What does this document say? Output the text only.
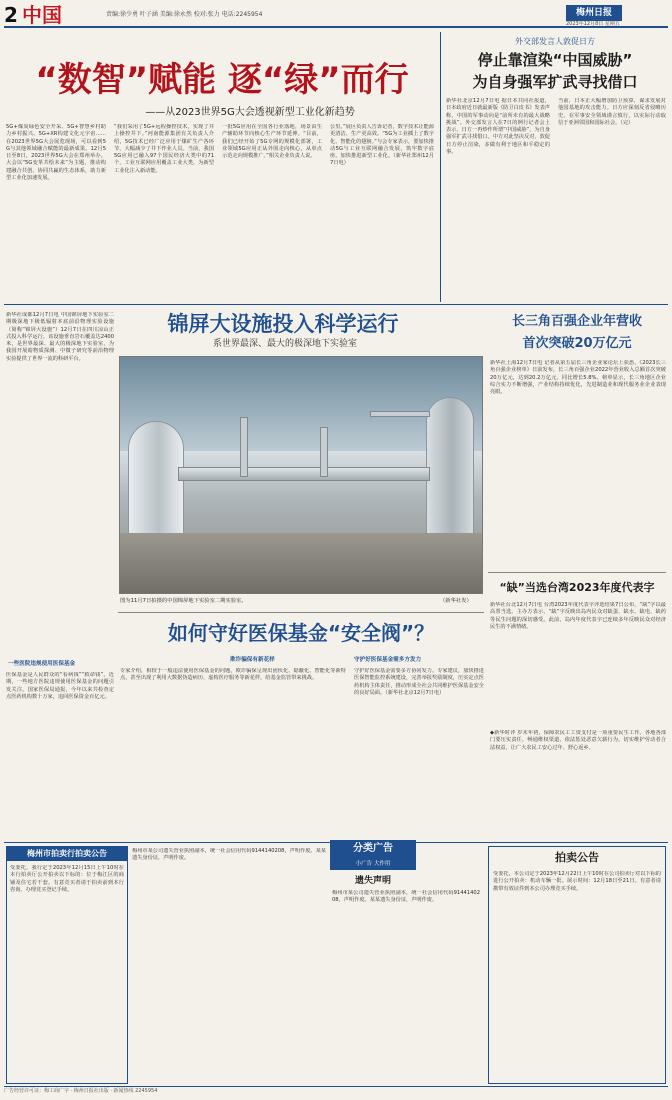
2 中国	责编:徐少勇 叶子涵 美编:徐永然 校对:张力 电话:2245954	梅州日报
2023年12月8日 星期五
“数智”赋能 逐“绿”而行
——从2023世界5G大会透视新型工业化新趋势
5G+煤炭绿色安全开采、5G+智慧乡村助力乡村振兴、5G+XR构建文化元宇宙……在2023世界5G大会展览现场，可以看到5G与其他领域融合赋能的最新成果。12月5日至8日，2023世界5G大会在郑州举办。大会以“5G变革共绘未来”为主题，推动构建融合共创、协同共赢的生态体系，助力新型工业化加速发展。
“我们采用了5G+远程操控技术，实现了井上操控井下。”河南能源集团有关负责人介绍，5G技术已经广泛应用于煤矿生产各环节，大幅减少了井下作业人员。当前，我国5G应用已融入97个国民经济大类中的71个，工业互联网应用覆盖工业大类，为新型工业化注入新动能。
一批5G应用在全国各行业落地，场景由生产辅助环节向核心生产环节延伸。“目前，我们已经开始了5G专网的规模化部署，工业领域5G应用正从外围走向核心，从单点示范走向规模推广。”相关企业负责人说。
公里。”展区负责人告诉记者，数字技术让能源更清洁、生产更高效。“5G为工业插上了数字化、智能化的翅膀。”与会专家表示，要加快推动5G与工业互联网融合发展，筑牢数字底座，加快推进新型工业化。（新华社郑州12月7日电）
外交部发言人敦促日方
停止靠渲染“中国威胁”
为自身强军扩武寻找借口
新华社北京12月7日电 据日本共同社报道，日本政府近日就最新版《防卫白皮书》发表声称，中国的军事动向是“前所未有的最大战略挑战”。外交部发言人在7日的例行记者会上表示，日方一再炒作所谓“中国威胁”，为自身强军扩武寻找借口。中方对此坚决反对，敦促日方停止渲染，多做有利于地区和平稳定的事。
当前，日本正大幅增加防卫预算，谋求发展对他国基地的攻击能力。日方应深刻反省侵略历史，在军事安全领域谨言慎行，以实际行动取信于亚洲邻国和国际社会。（完）
新华社成都12月7日电 中国锦屏地下实验室二期极深地下极低辐射本底前沿物理实验设施（简称“锦屏大设施”）12月7日在四川凉山正式投入科学运行。该设施垂直岩石覆盖达2400米，是世界最深、最大的极深地下实验室，为我国开展暗物质探测、中微子研究等前沿物理实验提供了世界一流的科研平台。
锦屏大设施投入科学运行
系世界最深、最大的极深地下实验室
图为11月7日拍摄的中国锦屏地下实验室二期实验室。	（新华社发）
长三角百强企业年营收
首次突破20万亿元
新华社上海12月7日电 记者从第五届长三角企业家论坛上获悉，《2023长三角百强企业榜单》日前发布，长三角百强企业2022年营业收入总额首次突破20万亿元，达到20.2万亿元，同比增长5.8%。榜单显示，长三角地区企业综合实力不断增强，产业结构持续优化，先进制造业和现代服务业企业表现亮眼。
“缺”当选台湾2023年度代表字
新华社台北12月7日电 台湾2023年度代表字评选结果7日公布，“缺”字以最高票当选。主办方表示，“缺”字反映出岛内民众对缺蛋、缺水、缺电、缺药等民生问题的深切感受。此前，岛内年度代表字已连续多年反映民众对经济民生的不满情绪。
如何守好医保基金“安全阀”？
一些医院违规使用医保基金
医保基金是人民群众的“看病钱”“救命钱”。近期，一些地方医院违规使用医保基金的问题引发关注。国家医保局通报，今年以来共检查定点医药机构数十万家，追回医保资金百亿元。
欺诈骗保有新花样
专家介绍，相较于一般违法使用医保基金的问题，欺诈骗保呈现出团伙化、隐蔽化、智能化等新特点，甚至出现了利用大数据伪造病历、虚构医疗服务等新花样，给基金监管带来挑战。
守护好医保基金需多方发力
守护好医保基金需要多方协同发力。专家建议，加快推进医保智能监控系统建设，完善举报奖励制度，压实定点医药机构主体责任，推动形成全社会共同维护医保基金安全的良好局面。（新华社北京12月7日电）
◆新华时评 岁末年初，保障农民工工资支付是一项重要民生工作。各地各部门要压实责任，畅通维权渠道，依法惩处恶意欠薪行为，切实维护劳动者合法权益，让广大农民工安心过年、舒心返乡。
梅州市拍卖行拍卖公告
受委托，我行定于2023年12月15日上午10时在本行拍卖厅公开拍卖以下标的：位于梅江区的商铺及住宅若干套。有意竞买者请于拍卖前到本行咨询、办理竞买登记手续。
梅州市某公司遗失营业执照副本，统一社会信用代码9144140208，声明作废。某某遗失身份证，声明作废。
分类广告
小广告 大作用
遗失声明
梅州市某公司遗失营业执照副本，统一社会信用代码9144140208，声明作废。某某遗失身份证，声明作废。
拍卖公告
受委托，本公司定于2023年12月22日上午10时在公司拍卖厅对以下标的进行公开拍卖：机动车辆一批。展示时间：12月18日至21日。有意者请携带有效证件到本公司办理竞买手续。
广告经营许可证：梅工商广字 · 梅州日报社出版 · 新闻热线 2245954
